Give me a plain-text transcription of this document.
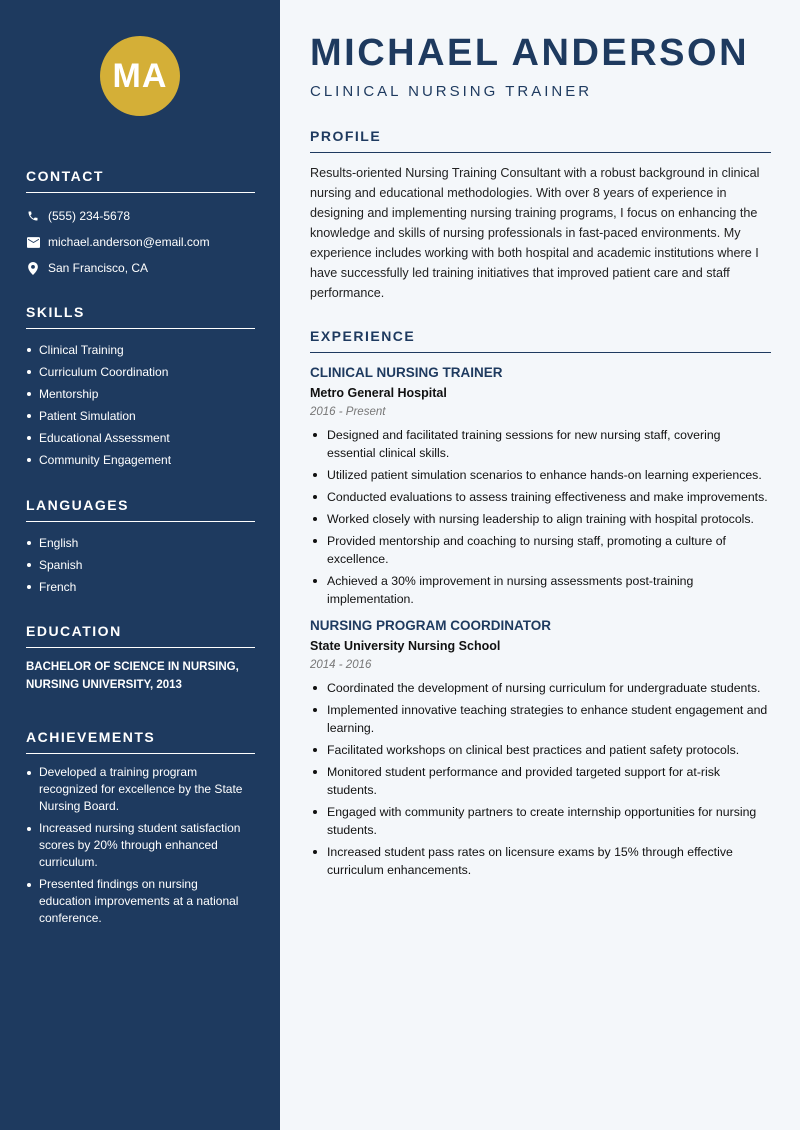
MA
CONTACT
(555) 234-5678
michael.anderson@email.com
San Francisco, CA
SKILLS
Clinical Training
Curriculum Coordination
Mentorship
Patient Simulation
Educational Assessment
Community Engagement
LANGUAGES
English
Spanish
French
EDUCATION
BACHELOR OF SCIENCE IN NURSING,
NURSING UNIVERSITY, 2013
ACHIEVEMENTS
Developed a training program recognized for excellence by the State Nursing Board.
Increased nursing student satisfaction scores by 20% through enhanced curriculum.
Presented findings on nursing education improvements at a national conference.
MICHAEL ANDERSON
CLINICAL NURSING TRAINER
PROFILE
Results-oriented Nursing Training Consultant with a robust background in clinical nursing and educational methodologies. With over 8 years of experience in designing and implementing nursing training programs, I focus on enhancing the knowledge and skills of nursing professionals in fast-paced environments. My experience includes working with both hospital and academic institutions where I have successfully led training initiatives that improved patient care and staff performance.
EXPERIENCE
CLINICAL NURSING TRAINER
Metro General Hospital
2016 - Present
Designed and facilitated training sessions for new nursing staff, covering essential clinical skills.
Utilized patient simulation scenarios to enhance hands-on learning experiences.
Conducted evaluations to assess training effectiveness and make improvements.
Worked closely with nursing leadership to align training with hospital protocols.
Provided mentorship and coaching to nursing staff, promoting a culture of excellence.
Achieved a 30% improvement in nursing assessments post-training implementation.
NURSING PROGRAM COORDINATOR
State University Nursing School
2014 - 2016
Coordinated the development of nursing curriculum for undergraduate students.
Implemented innovative teaching strategies to enhance student engagement and learning.
Facilitated workshops on clinical best practices and patient safety protocols.
Monitored student performance and provided targeted support for at-risk students.
Engaged with community partners to create internship opportunities for nursing students.
Increased student pass rates on licensure exams by 15% through effective curriculum enhancements.
